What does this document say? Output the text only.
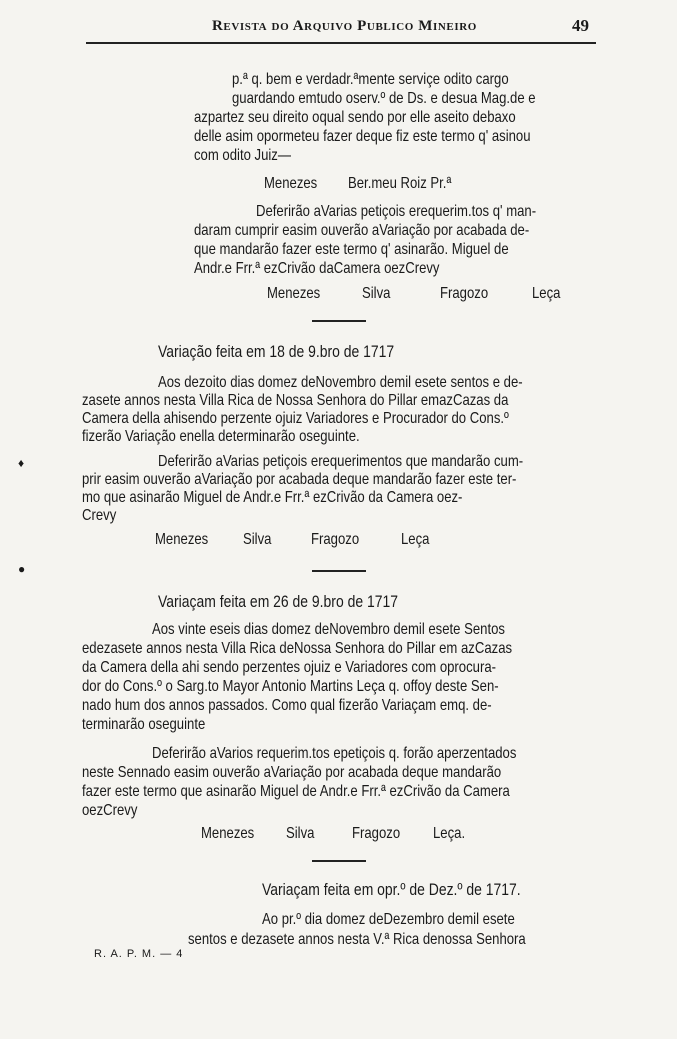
Revista do Arquivo Publico Mineiro	49
p.ª q. bem e verdadr.ªmente serviçe odito cargo
guardando emtudo oserv.º de Ds. e desua Mag.de e
azpartez seu direito oqual sendo por elle aseito debaxo
delle asim opormeteu fazer deque fiz este termo q' asinou
com odito Juiz—
Menezes Ber.meu Roiz Pr.ª
Deferirão aVarias petiçois erequerim.tos q' man-
daram cumprir easim ouverão aVariação por acabada de-
que mandarão fazer este termo q' asinarão. Miguel de
Andr.e Frr.ª ezCrivão daCamera oezCrevy
Menezes	Silva	Fragozo	Leça
Variação feita em 18 de 9.bro de 1717
Aos dezoito dias domez deNovembro demil esete sentos e de-
zasete annos nesta Villa Rica de Nossa Senhora do Pillar emazCazas da
Camera della ahisendo perzente ojuiz Variadores e Procurador do Cons.º
fizerão Variação enella determinarão oseguinte.
Deferirão aVarias petiçois erequerimentos que mandarão cum-
prir easim ouverão aVariação por acabada deque mandarão fazer este ter-
mo que asinarão Miguel de Andr.e Frr.ª ezCrivão da Camera oez-
Crevy
Menezes Silva Fragozo	Leça
Variaçam feita em 26 de 9.bro de 1717
Aos vinte eseis dias domez deNovembro demil esete Sentos
edezasete annos nesta Villa Rica deNossa Senhora do Pillar em azCazas
da Camera della ahi sendo perzentes ojuiz e Variadores com oprocura-
dor do Cons.º o Sarg.to Mayor Antonio Martins Leça q. offoy deste Sen-
nado hum dos annos passados. Como qual fizerão Variaçam emq. de-
terminarão oseguinte
Deferirão aVarios requerim.tos epetiçois q. forão aperzentados
neste Sennado easim ouverão aVariação por acabada deque mandarão
fazer este termo que asinarão Miguel de Andr.e Frr.ª ezCrivão da Camera
oezCrevy
Menezes Silva Fragozo Leça.
Variaçam feita em opr.º de Dez.º de 1717.
Ao pr.º dia domez deDezembro demil esete
sentos e dezasete annos nesta V.ª Rica denossa Senhora
R. A. P. M. — 4
♦
●
